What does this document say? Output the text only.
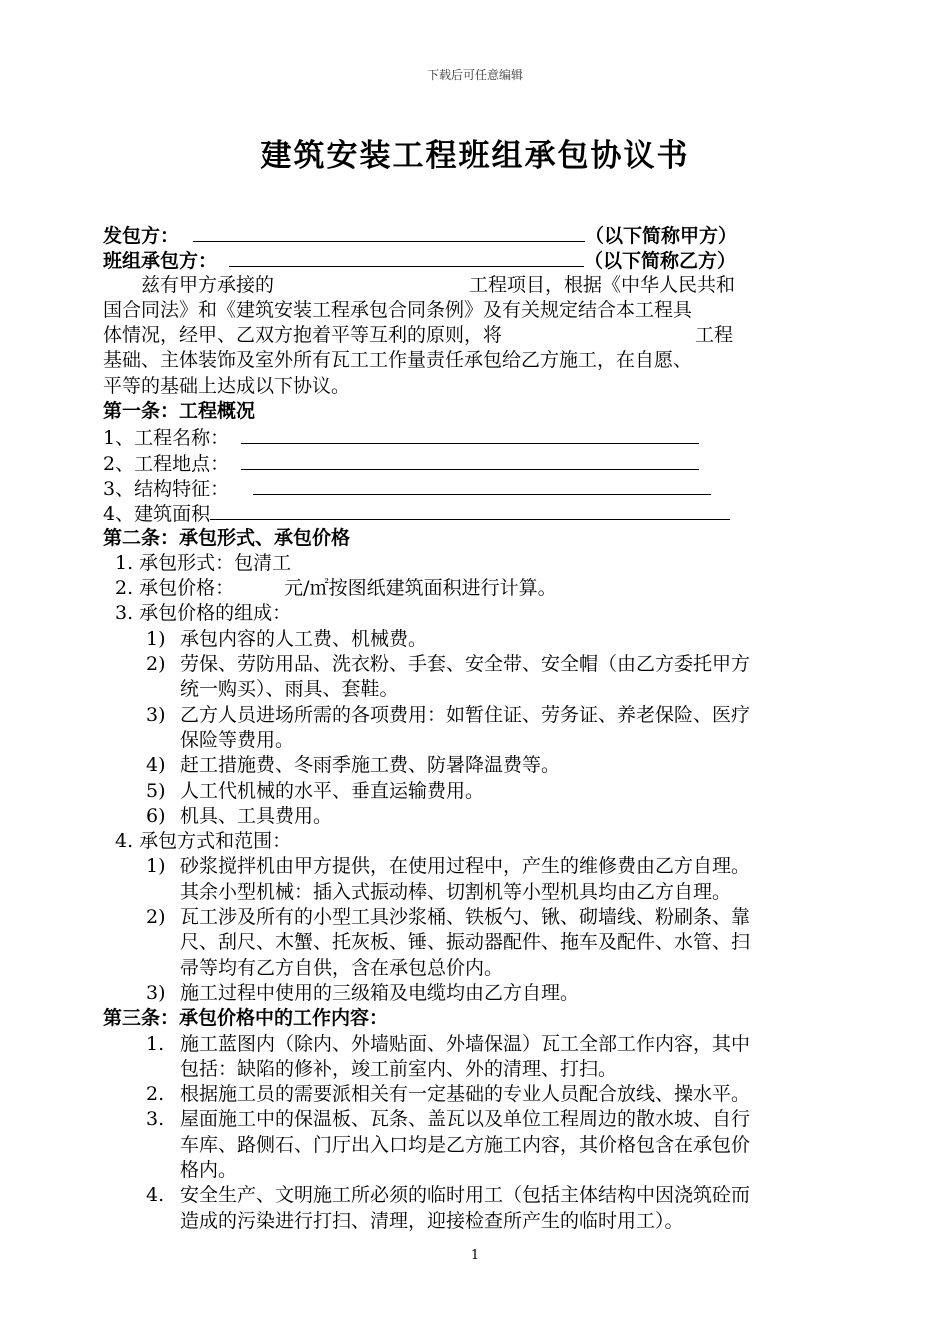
下载后可任意编辑
建筑安装工程班组承包协议书
发包方：	（以下简称甲方）
班组承包方：	（以下简称乙方）
兹有甲方承接的	工程项目，根据《中华人民共和
国合同法》和《建筑安装工程承包合同条例》及有关规定结合本工程具
体情况，经甲、乙双方抱着平等互利的原则，将	工程
基础、主体装饰及室外所有瓦工工作量责任承包给乙方施工，在自愿、
平等的基础上达成以下协议。
第一条：工程概况
1、工程名称：
2、工程地点：
3、结构特征：
4、建筑面积
第二条：承包形式、承包价格
1. 承包形式：包清工
2. 承包价格：	元/㎡按图纸建筑面积进行计算。
3. 承包价格的组成：
1) 承包内容的人工费、机械费。
2) 劳保、劳防用品、洗衣粉、手套、安全带、安全帽（由乙方委托甲方
统一购买）、雨具、套鞋。
3) 乙方人员进场所需的各项费用：如暂住证、劳务证、养老保险、医疗
保险等费用。
4) 赶工措施费、冬雨季施工费、防暑降温费等。
5) 人工代机械的水平、垂直运输费用。
6) 机具、工具费用。
4. 承包方式和范围：
1) 砂浆搅拌机由甲方提供，在使用过程中，产生的维修费由乙方自理。
其余小型机械：插入式振动棒、切割机等小型机具均由乙方自理。
2) 瓦工涉及所有的小型工具沙浆桶、铁板勺、锹、砌墙线、粉刷条、靠
尺、刮尺、木蟹、托灰板、锤、振动器配件、拖车及配件、水管、扫
帚等均有乙方自供，含在承包总价内。
3) 施工过程中使用的三级箱及电缆均由乙方自理。
第三条：承包价格中的工作内容：
1. 施工蓝图内（除内、外墙贴面、外墙保温）瓦工全部工作内容，其中
包括：缺陷的修补，竣工前室内、外的清理、打扫。
2. 根据施工员的需要派相关有一定基础的专业人员配合放线、操水平。
3. 屋面施工中的保温板、瓦条、盖瓦以及单位工程周边的散水坡、自行
车库、路侧石、门厅出入口均是乙方施工内容，其价格包含在承包价
格内。
4. 安全生产、文明施工所必须的临时用工（包括主体结构中因浇筑砼而
造成的污染进行打扫、清理，迎接检查所产生的临时用工）。
1
